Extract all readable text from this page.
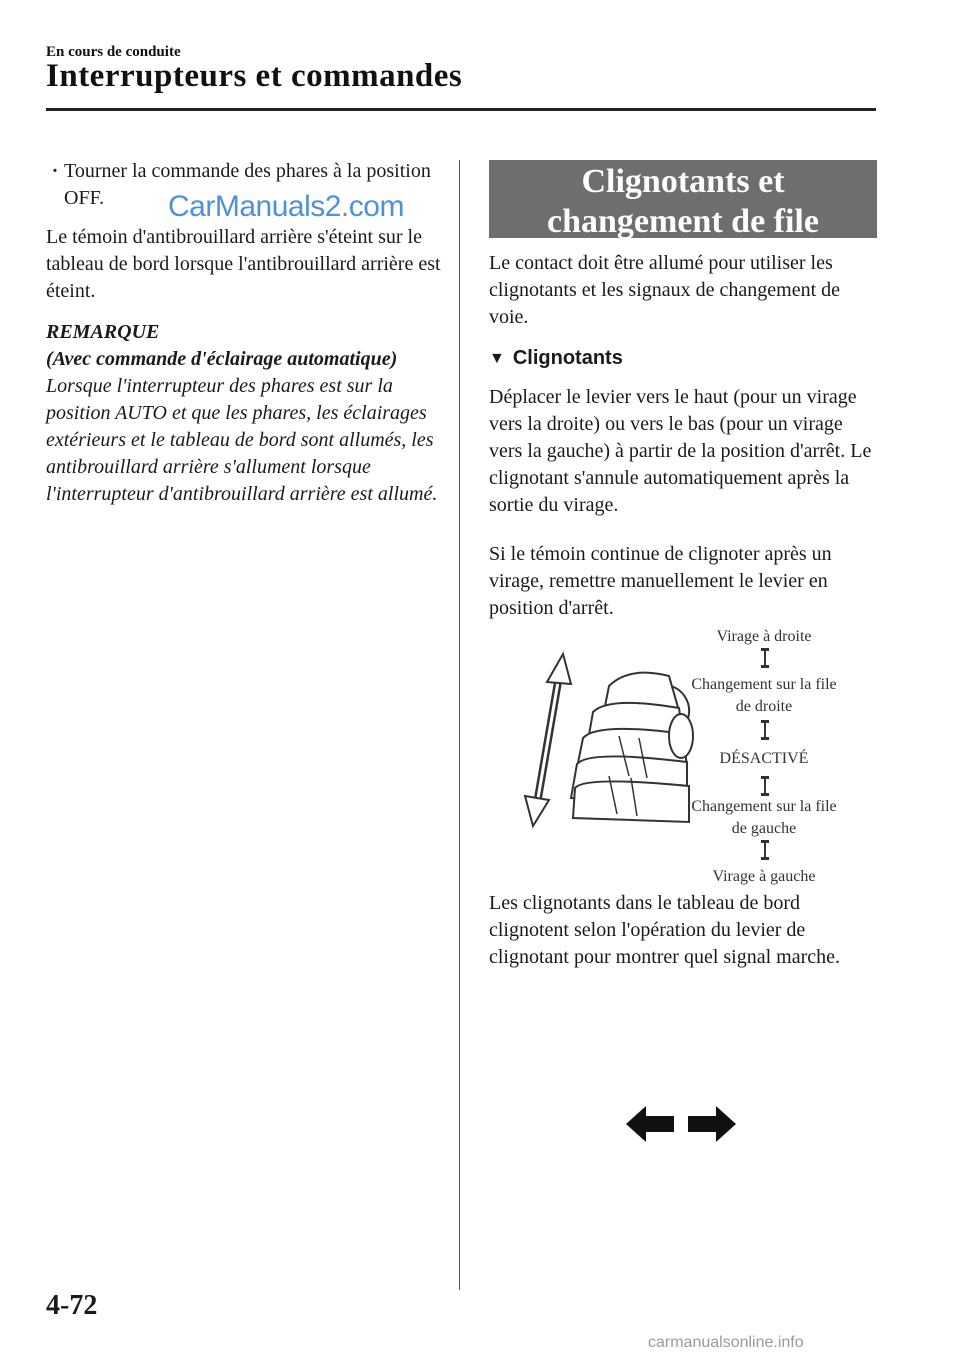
En cours de conduite
Interrupteurs et commandes
· Tourner la commande des phares à la position OFF.
Le témoin d'antibrouillard arrière s'éteint sur le tableau de bord lorsque l'antibrouillard arrière est éteint.
REMARQUE
(Avec commande d'éclairage automatique)
Lorsque l'interrupteur des phares est sur la position AUTO et que les phares, les éclairages extérieurs et le tableau de bord sont allumés, les antibrouillard arrière s'allument lorsque l'interrupteur d'antibrouillard arrière est allumé.
CarManuals2.com
Clignotants et changement de file
Le contact doit être allumé pour utiliser les clignotants et les signaux de changement de voie.
▼ Clignotants
Déplacer le levier vers le haut (pour un virage vers la droite) ou vers le bas (pour un virage vers la gauche) à partir de la position d'arrêt. Le clignotant s'annule automatiquement après la sortie du virage.
Si le témoin continue de clignoter après un virage, remettre manuellement le levier en position d'arrêt.
Virage à droite
Changement sur la file de droite
DÉSACTIVÉ
Changement sur la file de gauche
Virage à gauche
Les clignotants dans le tableau de bord clignotent selon l'opération du levier de clignotant pour montrer quel signal marche.
4-72
carmanualsonline.info
